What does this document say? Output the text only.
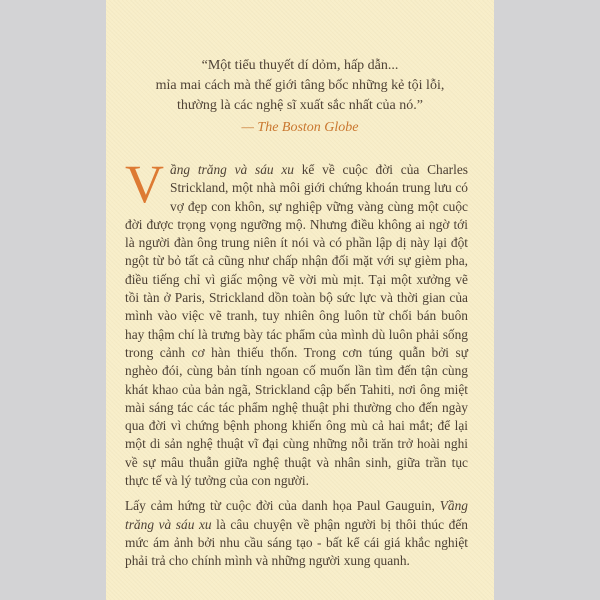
“Một tiểu thuyết dí dỏm, hấp dẫn...
mỉa mai cách mà thế giới tâng bốc những kẻ tội lỗi,
thường là các nghệ sĩ xuất sắc nhất của nó.”
— The Boston Globe

Vầng trăng và sáu xu kể về cuộc đời của Charles Strickland, một nhà môi giới chứng khoán trung lưu có vợ đẹp con khôn, sự nghiệp vững vàng cùng một cuộc đời được trọng vọng ngưỡng mộ. Nhưng điều không ai ngờ tới là người đàn ông trung niên ít nói và có phần lập dị này lại đột ngột từ bỏ tất cả cũng như chấp nhận đối mặt với sự gièm pha, điều tiếng chỉ vì giấc mộng vẽ vời mù mịt. Tại một xưởng vẽ tồi tàn ở Paris, Strickland dồn toàn bộ sức lực và thời gian của mình vào việc vẽ tranh, tuy nhiên ông luôn từ chối bán buôn hay thậm chí là trưng bày tác phẩm của mình dù luôn phải sống trong cảnh cơ hàn thiếu thốn. Trong cơn túng quẫn bởi sự nghèo đói, cùng bản tính ngoan cố muốn lần tìm đến tận cùng khát khao của bản ngã, Strickland cập bến Tahiti, nơi ông miệt mài sáng tác các tác phẩm nghệ thuật phi thường cho đến ngày qua đời vì chứng bệnh phong khiến ông mù cả hai mắt; để lại một di sản nghệ thuật vĩ đại cùng những nỗi trăn trở hoài nghi về sự mâu thuẫn giữa nghệ thuật và nhân sinh, giữa trần tục thực tế và lý tưởng của con người.

Lấy cảm hứng từ cuộc đời của danh họa Paul Gauguin, Vầng trăng và sáu xu là câu chuyện về phận người bị thôi thúc đến mức ám ảnh bởi nhu cầu sáng tạo - bất kể cái giá khắc nghiệt phải trả cho chính mình và những người xung quanh.
